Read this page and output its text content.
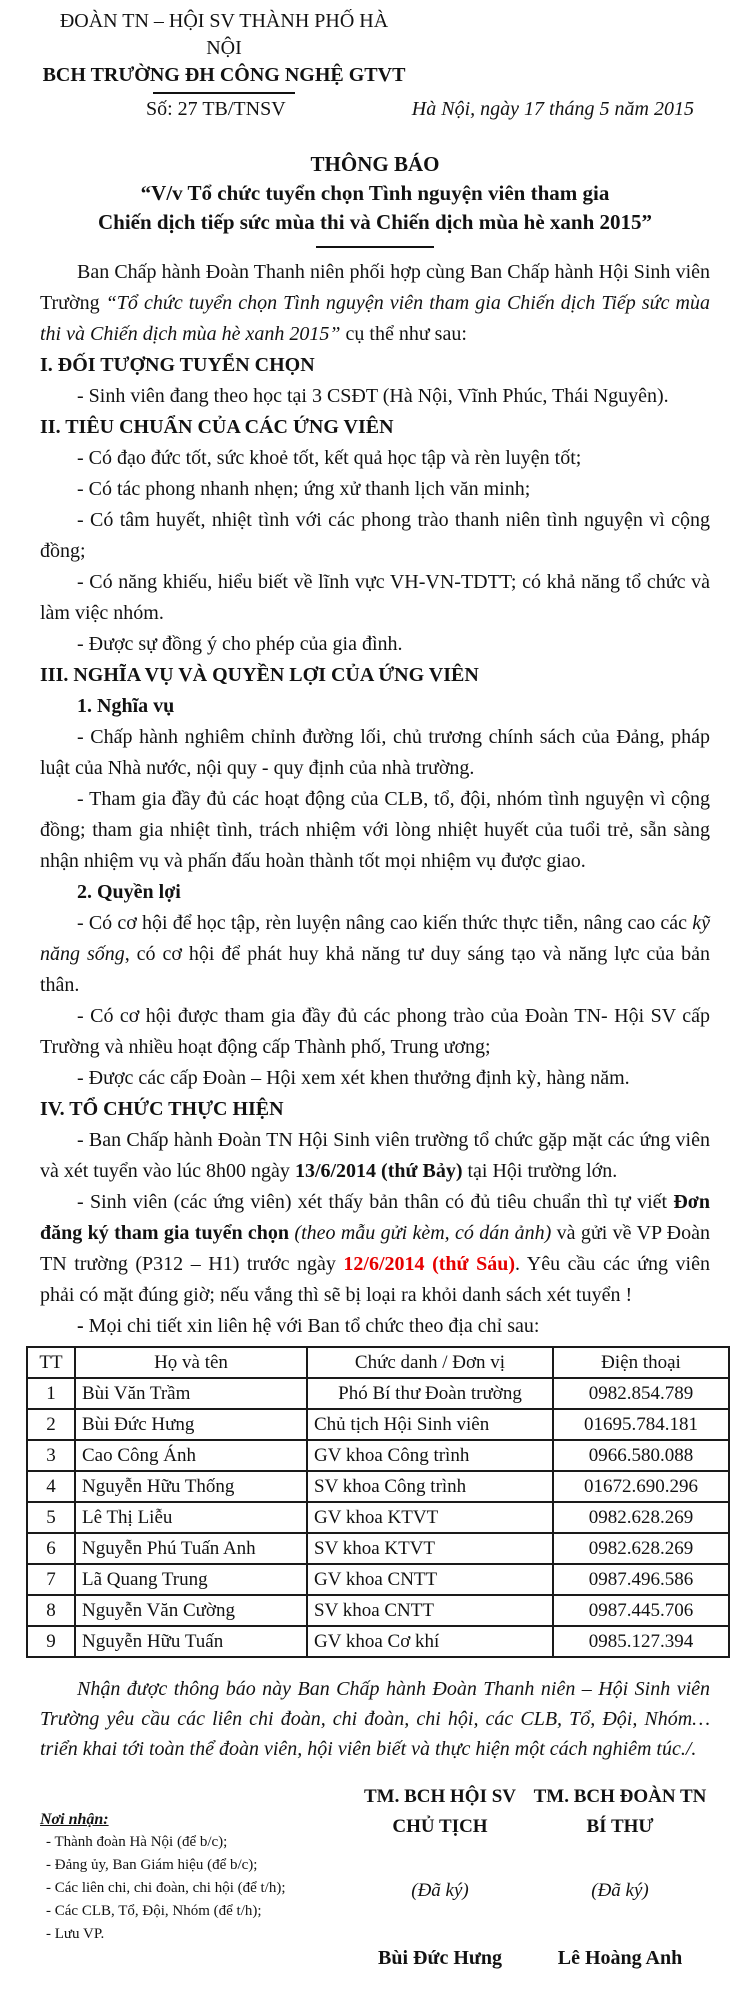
ĐOÀN TN – HỘI SV THÀNH PHỐ HÀ NỘI
BCH TRƯỜNG ĐH CÔNG NGHỆ GTVT
Số: 27 TB/TNSV	Hà Nội, ngày 17 tháng 5 năm 2015
THÔNG BÁO
“V/v Tổ chức tuyển chọn Tình nguyện viên tham gia
Chiến dịch tiếp sức mùa thi và Chiến dịch mùa hè xanh 2015”

Ban Chấp hành Đoàn Thanh niên phối hợp cùng Ban Chấp hành Hội Sinh viên Trường “Tổ chức tuyển chọn Tình nguyện viên tham gia Chiến dịch Tiếp sức mùa thi và Chiến dịch mùa hè xanh 2015” cụ thể như sau:

I. ĐỐI TƯỢNG TUYỂN CHỌN

- Sinh viên đang theo học tại 3 CSĐT (Hà Nội, Vĩnh Phúc, Thái Nguyên).

II. TIÊU CHUẨN CỦA CÁC ỨNG VIÊN

- Có đạo đức tốt, sức khoẻ tốt, kết quả học tập và rèn luyện tốt;

- Có tác phong nhanh nhẹn; ứng xử thanh lịch văn minh;

- Có tâm huyết, nhiệt tình với các phong trào thanh niên tình nguyện vì cộng đồng;

- Có năng khiếu, hiểu biết về lĩnh vực VH-VN-TDTT; có khả năng tổ chức và làm việc nhóm.

- Được sự đồng ý cho phép của gia đình.

III. NGHĨA VỤ VÀ QUYỀN LỢI CỦA ỨNG VIÊN

1. Nghĩa vụ

- Chấp hành nghiêm chỉnh đường lối, chủ trương chính sách của Đảng, pháp luật của Nhà nước, nội quy - quy định của nhà trường.

- Tham gia đầy đủ các hoạt động của CLB, tổ, đội, nhóm tình nguyện vì cộng đồng; tham gia nhiệt tình, trách nhiệm với lòng nhiệt huyết của tuổi trẻ, sẵn sàng nhận nhiệm vụ và phấn đấu hoàn thành tốt mọi nhiệm vụ được giao.

2. Quyền lợi

- Có cơ hội để học tập, rèn luyện nâng cao kiến thức thực tiễn, nâng cao các kỹ năng sống, có cơ hội để phát huy khả năng tư duy sáng tạo và năng lực của bản thân.

- Có cơ hội được tham gia đầy đủ các phong trào của Đoàn TN- Hội SV cấp Trường và nhiều hoạt động cấp Thành phố, Trung ương;

- Được các cấp Đoàn – Hội xem xét khen thưởng định kỳ, hàng năm.

IV. TỔ CHỨC THỰC HIỆN

- Ban Chấp hành Đoàn TN Hội Sinh viên trường tổ chức gặp mặt các ứng viên và xét tuyển vào lúc 8h00 ngày 13/6/2014 (thứ Bảy) tại Hội trường lớn.

- Sinh viên (các ứng viên) xét thấy bản thân có đủ tiêu chuẩn thì tự viết Đơn đăng ký tham gia tuyển chọn (theo mẫu gửi kèm, có dán ảnh) và gửi về VP Đoàn TN trường (P312 – H1) trước ngày 12/6/2014 (thứ Sáu). Yêu cầu các ứng viên phải có mặt đúng giờ; nếu vắng thì sẽ bị loại ra khỏi danh sách xét tuyển !

- Mọi chi tiết xin liên hệ với Ban tổ chức theo địa chỉ sau:

TT	Họ và tên	Chức danh / Đơn vị	Điện thoại
1	Bùi Văn Trầm	Phó Bí thư Đoàn trường	0982.854.789
2	Bùi Đức Hưng	Chủ tịch Hội Sinh viên	01695.784.181
3	Cao Công Ánh	GV khoa Công trình	0966.580.088
4	Nguyễn Hữu Thống	SV khoa Công trình	01672.690.296
5	Lê Thị Liễu	GV khoa KTVT	0982.628.269
6	Nguyễn Phú Tuấn Anh	SV khoa KTVT	0982.628.269
7	Lã Quang Trung	GV khoa CNTT	0987.496.586
8	Nguyễn Văn Cường	SV khoa CNTT	0987.445.706
9	Nguyễn Hữu Tuấn	GV khoa Cơ khí	0985.127.394

Nhận được thông báo này Ban Chấp hành Đoàn Thanh niên – Hội Sinh viên Trường yêu cầu các liên chi đoàn, chi đoàn, chi hội, các CLB, Tổ, Đội, Nhóm… triển khai tới toàn thể đoàn viên, hội viên biết và thực hiện một cách nghiêm túc./.

Nơi nhận:
- Thành đoàn Hà Nội (để b/c);
- Đảng ủy, Ban Giám hiệu (để b/c);
- Các liên chi, chi đoàn, chi hội (để t/h);
- Các CLB, Tổ, Đội, Nhóm (để t/h);
- Lưu VP.
TM. BCH HỘI SV
CHỦ TỊCH
(Đã ký)
Bùi Đức Hưng
TM. BCH ĐOÀN TN
BÍ THƯ
(Đã ký)
Lê Hoàng Anh
